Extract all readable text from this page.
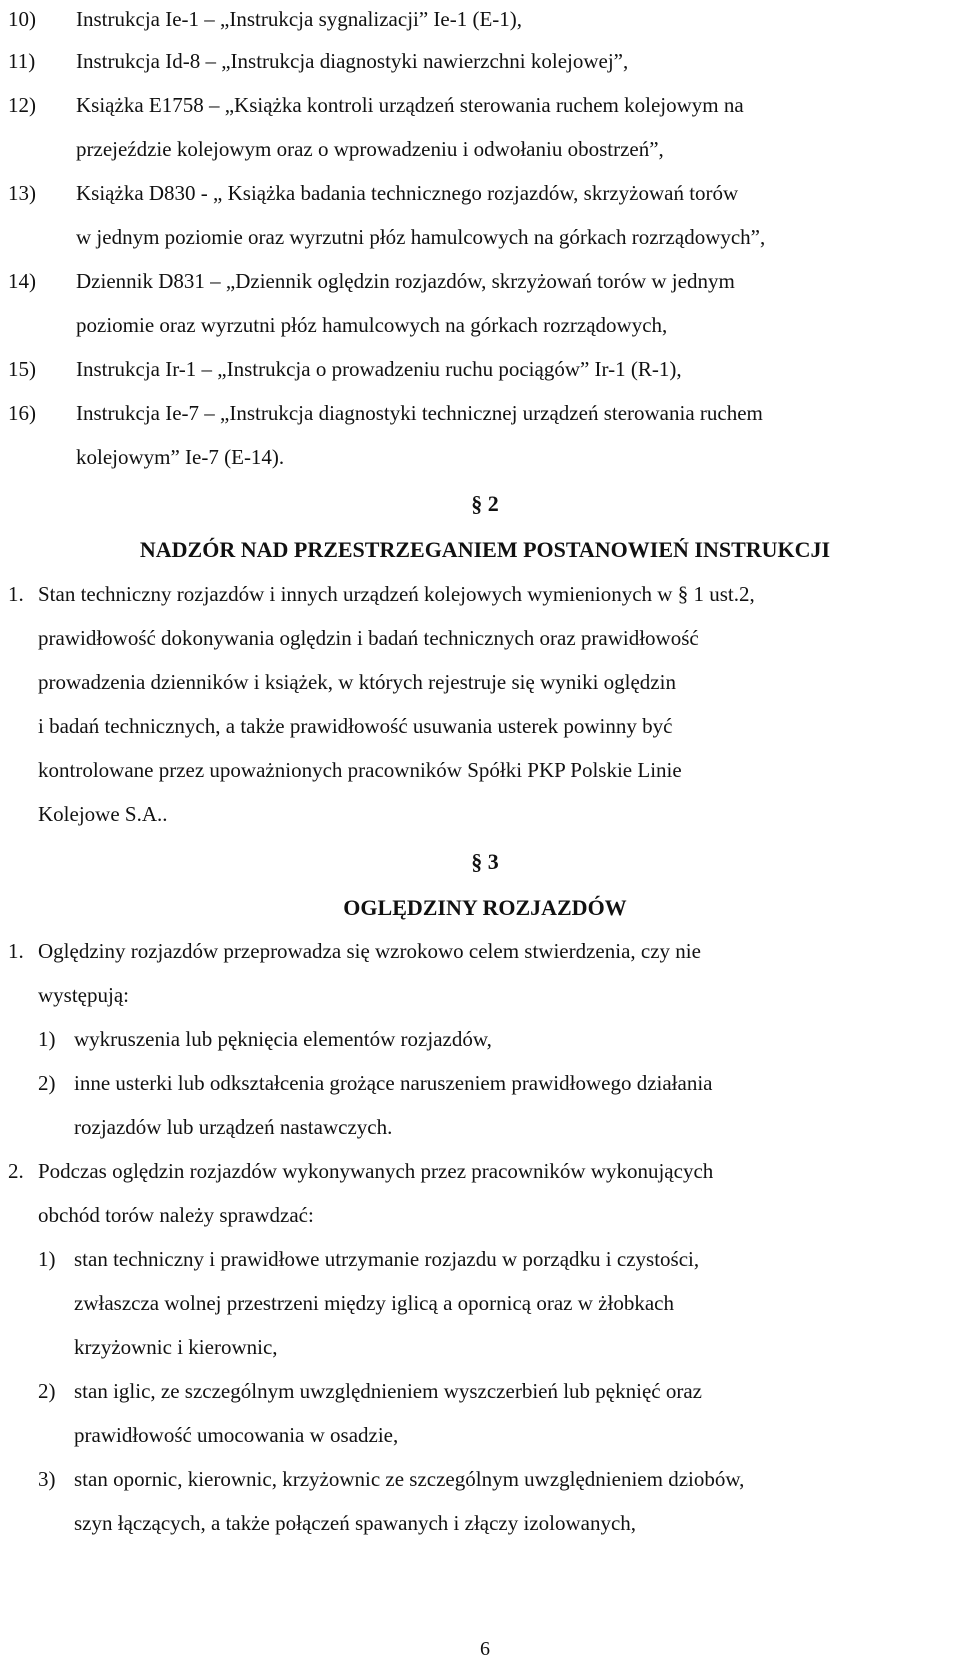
10) Instrukcja Ie-1 – „Instrukcja sygnalizacji” Ie-1 (E-1),
11) Instrukcja Id-8 – „Instrukcja diagnostyki nawierzchni kolejowej”,
12) Książka E1758 – „Książka kontroli urządzeń sterowania ruchem kolejowym na
przejeździe kolejowym oraz o wprowadzeniu i odwołaniu obostrzeń”,
13) Książka D830 - „ Książka badania technicznego rozjazdów, skrzyżowań torów
w jednym poziomie oraz wyrzutni płóz hamulcowych na górkach rozrządowych”,
14) Dziennik D831 – „Dziennik oględzin rozjazdów, skrzyżowań torów w jednym
poziomie oraz wyrzutni płóz hamulcowych na górkach rozrządowych,
15) Instrukcja Ir-1 – „Instrukcja o prowadzeniu ruchu pociągów” Ir-1 (R-1),
16) Instrukcja Ie-7 – „Instrukcja diagnostyki technicznej urządzeń sterowania ruchem
kolejowym” Ie-7 (E-14).
§ 2
NADZÓR NAD PRZESTRZEGANIEM POSTANOWIEŃ INSTRUKCJI
1. Stan techniczny rozjazdów i innych urządzeń kolejowych wymienionych w § 1 ust.2,
prawidłowość dokonywania oględzin i badań technicznych oraz prawidłowość
prowadzenia dzienników i książek, w których rejestruje się wyniki oględzin
i badań technicznych, a także prawidłowość usuwania usterek powinny być
kontrolowane przez upoważnionych pracowników Spółki PKP Polskie Linie
Kolejowe S.A..
§ 3
OGLĘDZINY ROZJAZDÓW
1. Oględziny rozjazdów przeprowadza się wzrokowo celem stwierdzenia, czy nie
występują:
1) wykruszenia lub pęknięcia elementów rozjazdów,
2) inne usterki lub odkształcenia grożące naruszeniem prawidłowego działania
rozjazdów lub urządzeń nastawczych.
2. Podczas oględzin rozjazdów wykonywanych przez pracowników wykonujących
obchód torów należy sprawdzać:
1) stan techniczny i prawidłowe utrzymanie rozjazdu w porządku i czystości,
zwłaszcza wolnej przestrzeni między iglicą a opornicą oraz w żłobkach
krzyżownic i kierownic,
2) stan iglic, ze szczególnym uwzględnieniem wyszczerbień lub pęknięć oraz
prawidłowość umocowania w osadzie,
3) stan opornic, kierownic, krzyżownic ze szczególnym uwzględnieniem dziobów,
szyn łączących, a także połączeń spawanych i złączy izolowanych,
6
